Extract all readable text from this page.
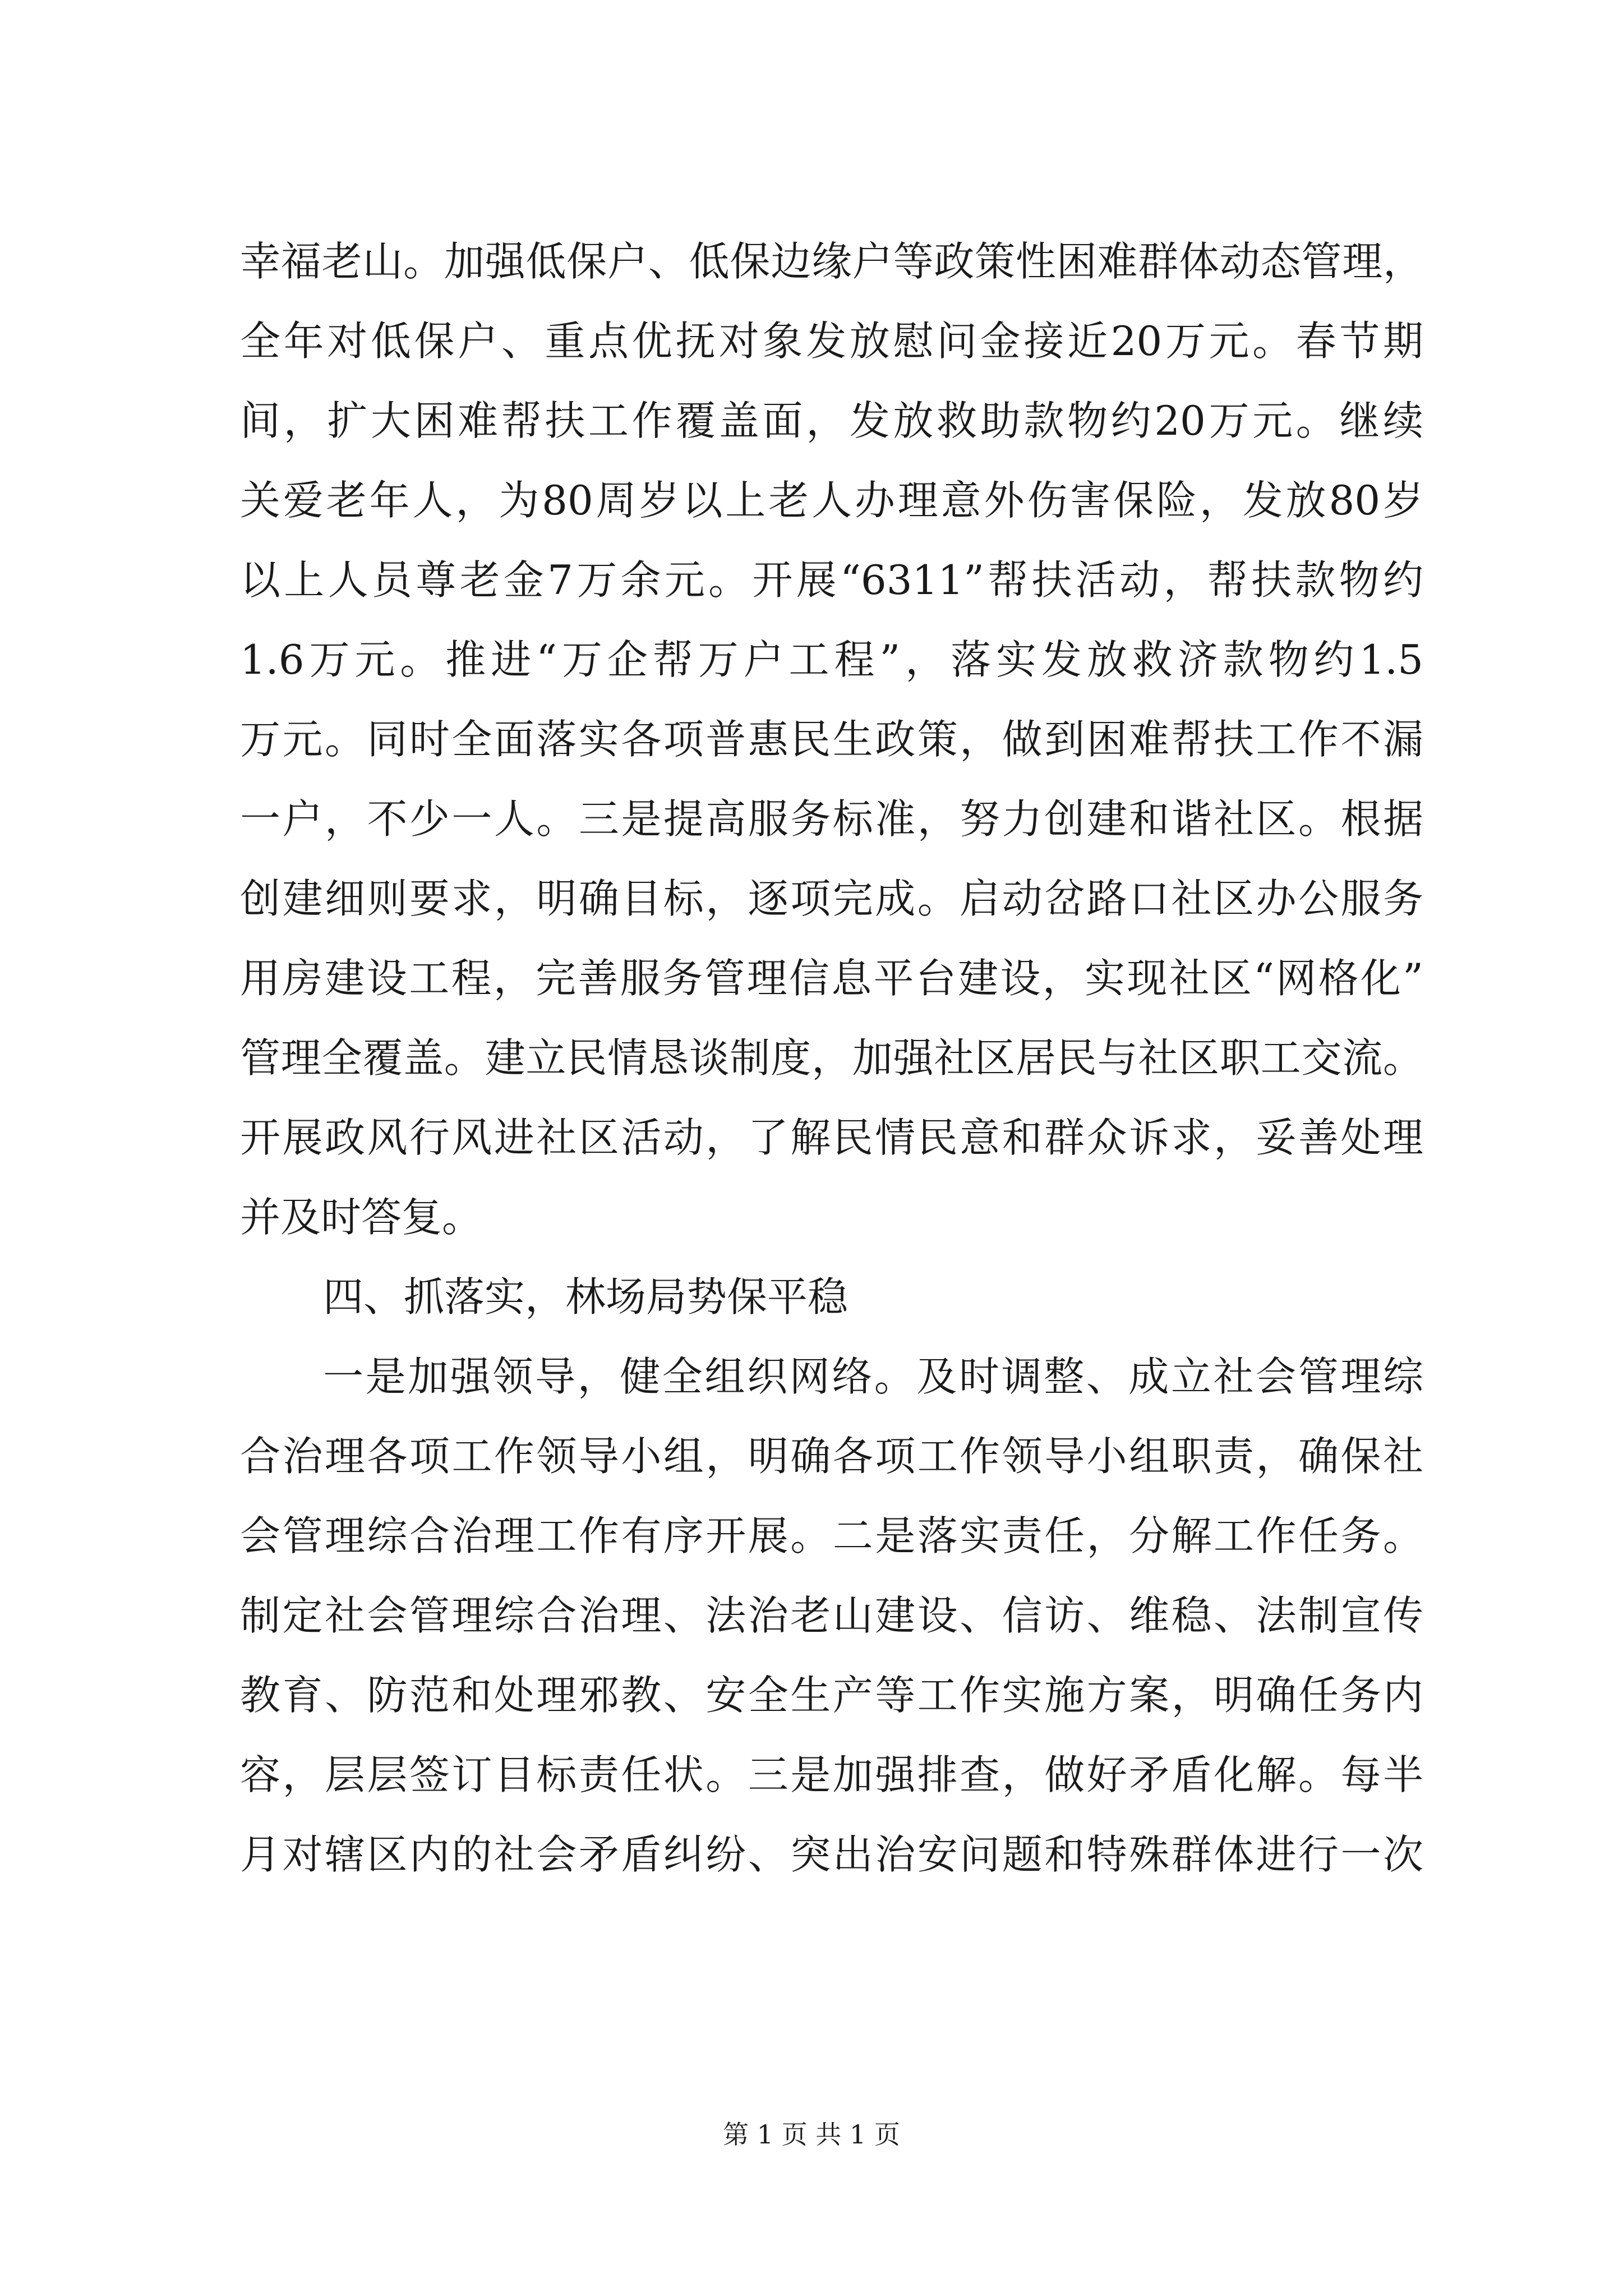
幸福老山。加强低保户、低保边缘户等政策性困难群体动态管理，
全年对低保户、重点优抚对象发放慰问金接近20万元。春节期
间，扩大困难帮扶工作覆盖面，发放救助款物约20万元。继续
关爱老年人，为80周岁以上老人办理意外伤害保险，发放80岁
以上人员尊老金7万余元。开展“6311”帮扶活动，帮扶款物约
1.6万元。推进“万企帮万户工程”，落实发放救济款物约1.5
万元。同时全面落实各项普惠民生政策，做到困难帮扶工作不漏
一户，不少一人。三是提高服务标准，努力创建和谐社区。根据
创建细则要求，明确目标，逐项完成。启动岔路口社区办公服务
用房建设工程，完善服务管理信息平台建设，实现社区“网格化”
管理全覆盖。建立民情恳谈制度，加强社区居民与社区职工交流。
开展政风行风进社区活动，了解民情民意和群众诉求，妥善处理
并及时答复。
四、抓落实，林场局势保平稳
一是加强领导，健全组织网络。及时调整、成立社会管理综
合治理各项工作领导小组，明确各项工作领导小组职责，确保社
会管理综合治理工作有序开展。二是落实责任，分解工作任务。
制定社会管理综合治理、法治老山建设、信访、维稳、法制宣传
教育、防范和处理邪教、安全生产等工作实施方案，明确任务内
容，层层签订目标责任状。三是加强排查，做好矛盾化解。每半
月对辖区内的社会矛盾纠纷、突出治安问题和特殊群体进行一次
第 1 页 共 1 页
